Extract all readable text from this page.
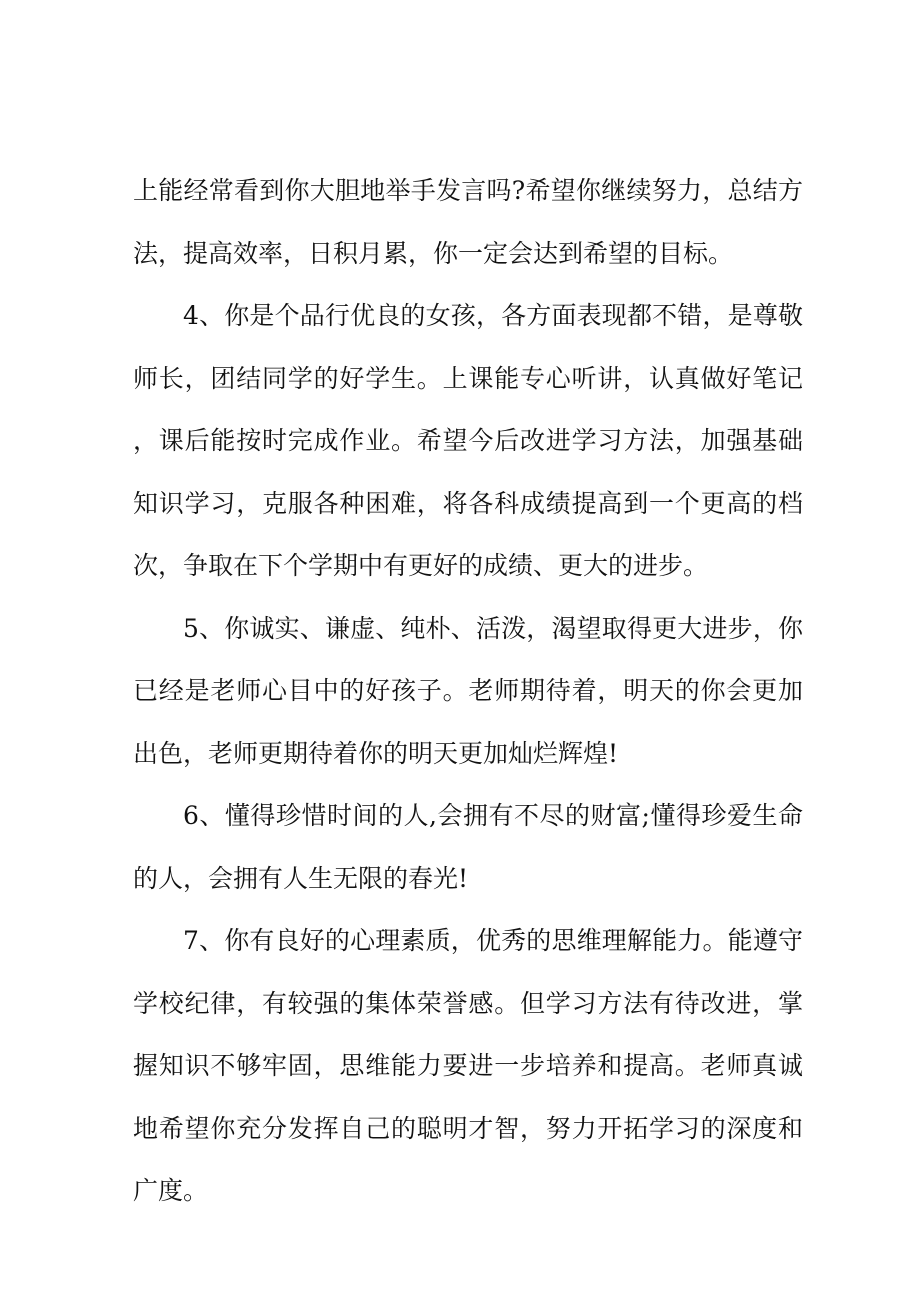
上能经常看到你大胆地举手发言吗?希望你继续努力，总结方法，提高效率，日积月累，你一定会达到希望的目标。

4、你是个品行优良的女孩，各方面表现都不错，是尊敬师长，团结同学的好学生。上课能专心听讲，认真做好笔记，课后能按时完成作业。希望今后改进学习方法，加强基础知识学习，克服各种困难，将各科成绩提高到一个更高的档次，争取在下个学期中有更好的成绩、更大的进步。

5、你诚实、谦虚、纯朴、活泼，渴望取得更大进步，你已经是老师心目中的好孩子。老师期待着，明天的你会更加出色，老师更期待着你的明天更加灿烂辉煌!

6、懂得珍惜时间的人,会拥有不尽的财富;懂得珍爱生命的人，会拥有人生无限的春光!

7、你有良好的心理素质，优秀的思维理解能力。能遵守学校纪律，有较强的集体荣誉感。但学习方法有待改进，掌握知识不够牢固，思维能力要进一步培养和提高。老师真诚地希望你充分发挥自己的聪明才智，努力开拓学习的深度和广度。
